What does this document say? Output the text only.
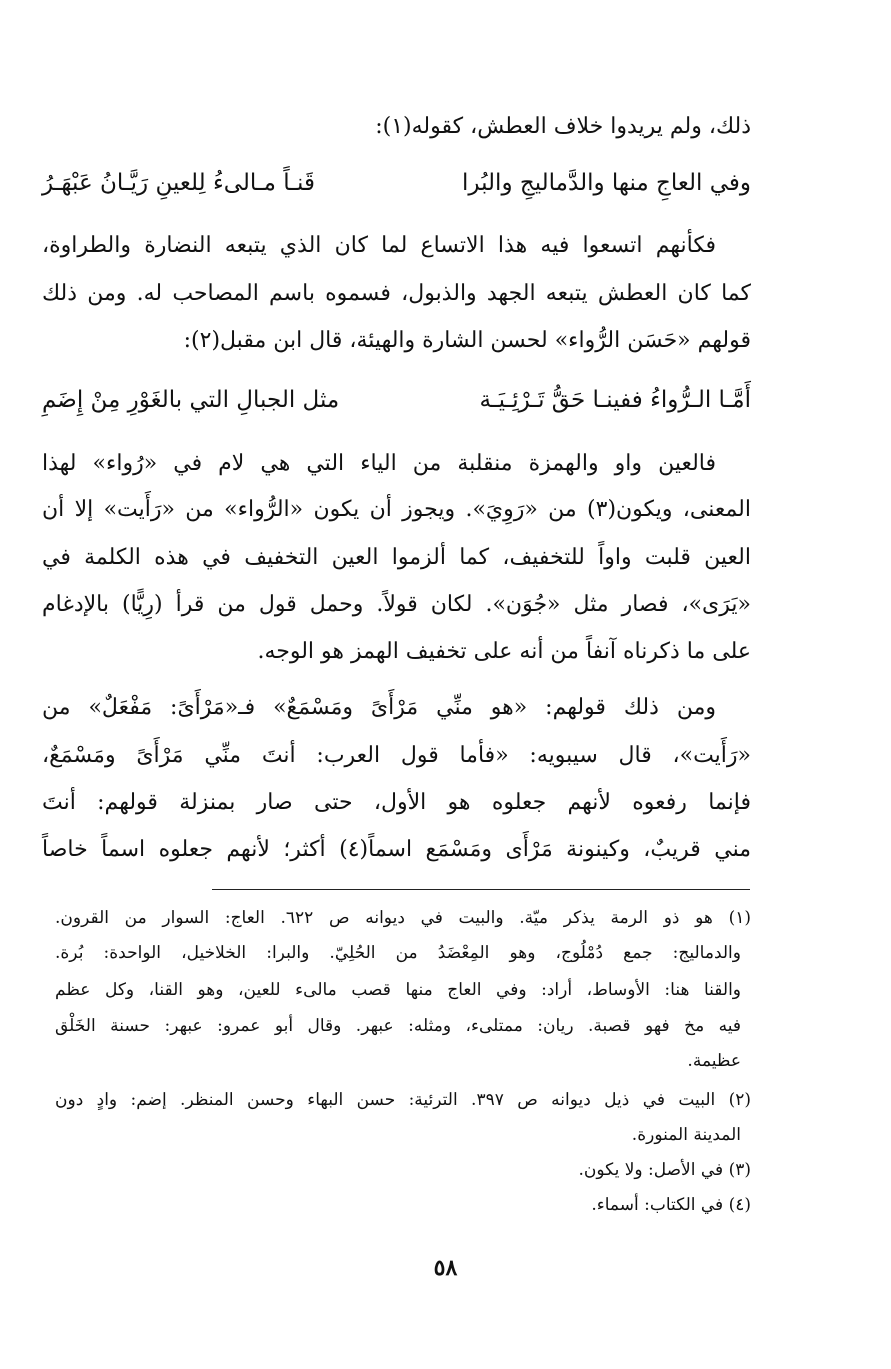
ذلك، ولم يريدوا خلاف العطش، كقوله(١):
وفي العاجِ منها والدَّماليجِ والبُرا
قَنـاً مـالىءُ لِلعينِ رَيَّـانُ عَبْهَـرُ
فكأنهم اتسعوا فيه هذا الاتساع لما كان الذي يتبعه النضارة والطراوة،
كما كان العطش يتبعه الجهد والذبول، فسموه باسم المصاحب له. ومن ذلك
قولهم «حَسَن الرُّواء» لحسن الشارة والهيئة، قال ابن مقبل(٢):
أَمَّـا الـرُّواءُ ففينـا حَقُّ تَـرْئِـيَـة
مثل الجبالِ التي بالغَوْرِ مِنْ إِضَمِ
فالعين واو والهمزة منقلبة من الياء التي هي لام في «رُواء» لهذا
المعنى، ويكون(٣) من «رَوِيَ». ويجوز أن يكون «الرُّواء» من «رَأَيت» إلا أن
العين قلبت واواً للتخفيف، كما ألزموا العين التخفيف في هذه الكلمة في
«يَرَى»، فصار مثل «جُوَن». لكان قولاً. وحمل قول من قرأ (رِيًّا) بالإدغام
على ما ذكرناه آنفاً من أنه على تخفيف الهمز هو الوجه.
ومن ذلك قولهم: «هو منِّي مَرْأَىً ومَسْمَعٌ» فـ«مَرْأَىً: مَفْعَلٌ» من
«رَأَيت»، قال سيبويه: «فأما قول العرب: أنتَ منِّي مَرْأَىً ومَسْمَعٌ،
فإنما رفعوه لأنهم جعلوه هو الأول، حتى صار بمنزلة قولهم: أنتَ
مني قريبٌ، وكينونة مَرْأَى ومَسْمَع اسماً(٤) أكثر؛ لأنهم جعلوه اسماً خاصاً
(١) هو ذو الرمة يذكر ميّة. والبيت في ديوانه ص ٦٢٢. العاج: السوار من القرون.
والدماليج: جمع دُمْلُوج، وهو المِعْضَدُ من الحُلِيّ. والبرا: الخلاخيل، الواحدة: بُرة.
والقنا هنا: الأوساط، أراد: وفي العاج منها قصب مالىء للعين، وهو القنا، وكل عظم
فيه مخ فهو قصبة. ريان: ممتلىء، ومثله: عبهر. وقال أبو عمرو: عبهر: حسنة الخَلْق
عظيمة.
(٢) البيت في ذيل ديوانه ص ٣٩٧. الترئية: حسن البهاء وحسن المنظر. إضم: وادٍ دون
المدينة المنورة.
(٣) في الأصل: ولا يكون.
(٤) في الكتاب: أسماء.
٥٨
